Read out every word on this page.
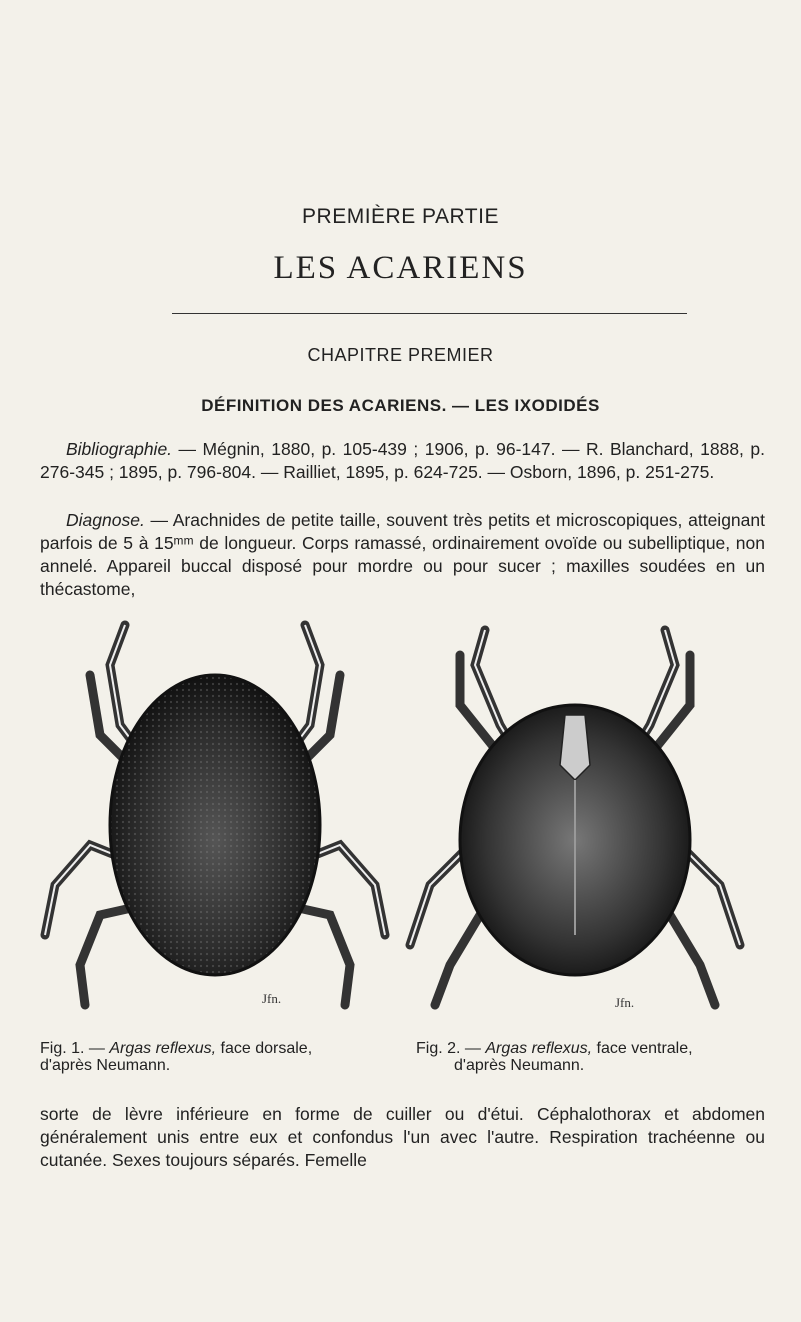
PREMIÈRE PARTIE
LES ACARIENS
CHAPITRE PREMIER
DÉFINITION DES ACARIENS. — LES IXODIDÉS
Bibliographie. — Mégnin, 1880, p. 105-439 ; 1906, p. 96-147. — R. Blanchard, 1888, p. 276-345 ; 1895, p. 796-804. — Railliet, 1895, p. 624-725. — Osborn, 1896, p. 251-275.
Diagnose. — Arachnides de petite taille, souvent très petits et microscopiques, atteignant parfois de 5 à 15ᵐᵐ de longueur. Corps ramassé, ordinairement ovoïde ou subelliptique, non annelé. Appareil buccal disposé pour mordre ou pour sucer ; maxilles soudées en un thécastome,
Jfn.	Jfn.
Fig. 1. — Argas reflexus, face dorsale,
d'après Neumann.
Fig. 2. — Argas reflexus, face ventrale,
d'après Neumann.
sorte de lèvre inférieure en forme de cuiller ou d'étui. Céphalothorax et abdomen généralement unis entre eux et confondus l'un avec l'autre. Respiration trachéenne ou cutanée. Sexes toujours séparés. Femelle
